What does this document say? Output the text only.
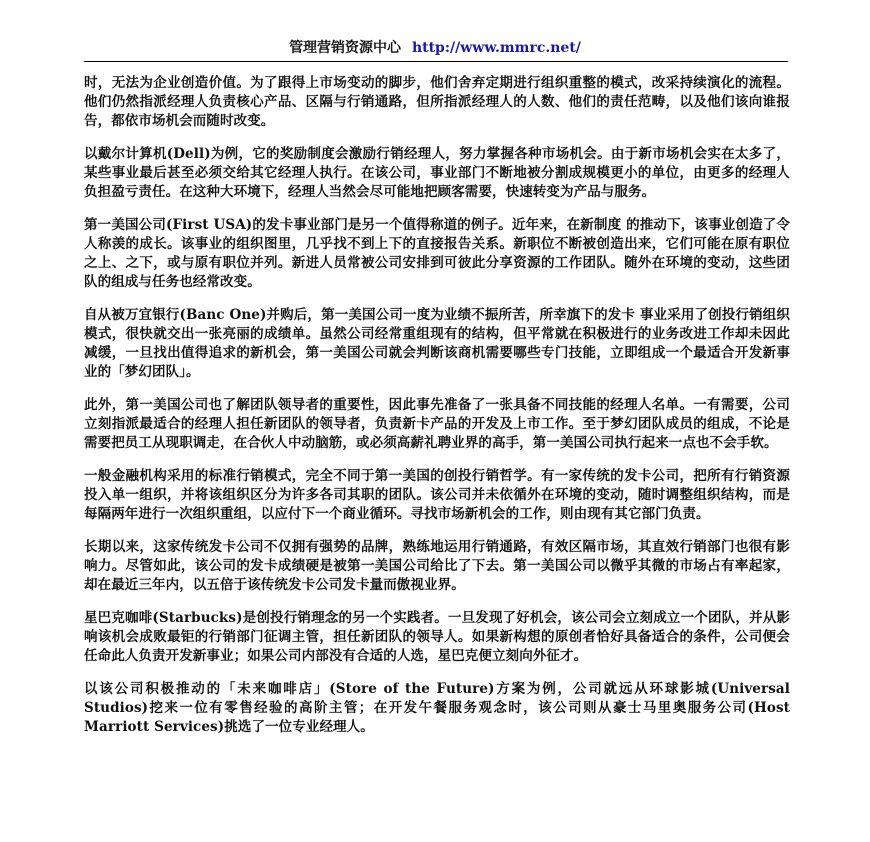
管理营销资源中心 http://www.mmrc.net/

时，无法为企业创造价值。为了跟得上市场变动的脚步，他们舍弃定期进行组织重整的模式，改采持续演化的流程。他们仍然指派经理人负责核心产品、区隔与行销通路，但所指派经理人的人数、他们的责任范畴，以及他们该向谁报告，都依市场机会而随时改变。

以戴尔计算机(Dell)为例，它的奖励制度会激励行销经理人，努力掌握各种市场机会。由于新市场机会实在太多了，某些事业最后甚至必须交给其它经理人执行。在该公司，事业部门不断地被分割成规模更小的单位，由更多的经理人负担盈亏责任。在这种大环境下，经理人当然会尽可能地把顾客需要，快速转变为产品与服务。

第一美国公司(First USA)的发卡事业部门是另一个值得称道的例子。近年来，在新制度 的推动下，该事业创造了令人称羡的成长。该事业的组织图里，几乎找不到上下的直接报告关系。新职位不断被创造出来，它们可能在原有职位之上、之下，或与原有职位并列。新进人员常被公司安排到可彼此分享资源的工作团队。随外在环境的变动，这些团队的组成与任务也经常改变。

自从被万宜银行(Banc One)并购后，第一美国公司一度为业绩不振所苦，所幸旗下的发卡 事业采用了创投行销组织模式，很快就交出一张亮丽的成绩单。虽然公司经常重组现有的结构，但平常就在积极进行的业务改进工作却未因此减缓，一旦找出值得追求的新机会，第一美国公司就会判断该商机需要哪些专门技能，立即组成一个最适合开发新事业的「梦幻团队」。

此外，第一美国公司也了解团队领导者的重要性，因此事先准备了一张具备不同技能的经理人名单。一有需要，公司立刻指派最适合的经理人担任新团队的领导者，负责新卡产品的开发及上市工作。至于梦幻团队成员的组成，不论是需要把员工从现职调走，在合伙人中动脑筋，或必须高薪礼聘业界的高手，第一美国公司执行起来一点也不会手软。

一般金融机构采用的标准行销模式，完全不同于第一美国的创投行销哲学。有一家传统的发卡公司，把所有行销资源投入单一组织，并将该组织区分为许多各司其职的团队。该公司并未依循外在环境的变动，随时调整组织结构，而是每隔两年进行一次组织重组，以应付下一个商业循环。寻找市场新机会的工作，则由现有其它部门负责。

长期以来，这家传统发卡公司不仅拥有强势的品牌，熟练地运用行销通路，有效区隔市场，其直效行销部门也很有影响力。尽管如此，该公司的发卡成绩硬是被第一美国公司给比了下去。第一美国公司以微乎其微的市场占有率起家，却在最近三年内，以五倍于该传统发卡公司发卡量而傲视业界。

星巴克咖啡(Starbucks)是创投行销理念的另一个实践者。一旦发现了好机会，该公司会立刻成立一个团队，并从影响该机会成败最钜的行销部门征调主管，担任新团队的领导人。如果新构想的原创者恰好具备适合的条件，公司便会任命此人负责开发新事业；如果公司内部没有合适的人选，星巴克便立刻向外征才。

以该公司积极推动的「未来咖啡店」(Store of the Future)方案为例，公司就远从环球影城(Universal Studios)挖来一位有零售经验的高阶主管；在开发午餐服务观念时，该公司则从豪士马里奥服务公司(Host Marriott Services)挑选了一位专业经理人。
